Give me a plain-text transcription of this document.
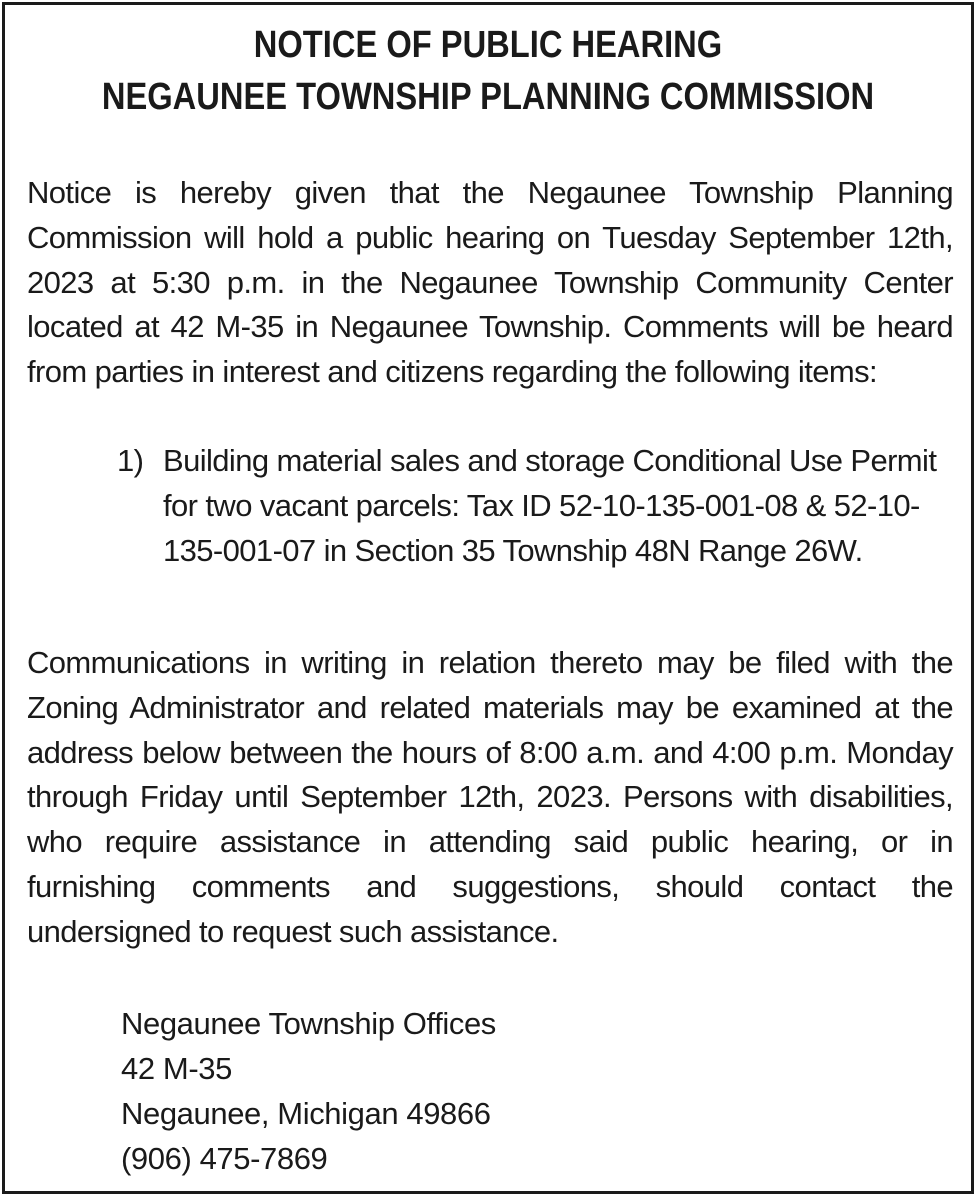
NOTICE OF PUBLIC HEARING
NEGAUNEE TOWNSHIP PLANNING COMMISSION
Notice is hereby given that the Negaunee Township Planning Commission will hold a public hearing on Tuesday September 12th, 2023 at 5:30 p.m. in the Negaunee Township Community Center located at 42 M-35 in Negaunee Township. Comments will be heard from parties in interest and citizens regarding the following items:
1) Building material sales and storage Conditional Use Permit for two vacant parcels: Tax ID 52-10-135-001-08 & 52-10-135-001-07 in Section 35 Township 48N Range 26W.
Communications in writing in relation thereto may be filed with the Zoning Administrator and related materials may be examined at the address below between the hours of 8:00 a.m. and 4:00 p.m. Monday through Friday until September 12th, 2023. Persons with disabilities, who require assistance in attending said public hearing, or in furnishing comments and suggestions, should contact the undersigned to request such assistance.
Negaunee Township Offices
42 M-35
Negaunee, Michigan 49866
(906) 475-7869
